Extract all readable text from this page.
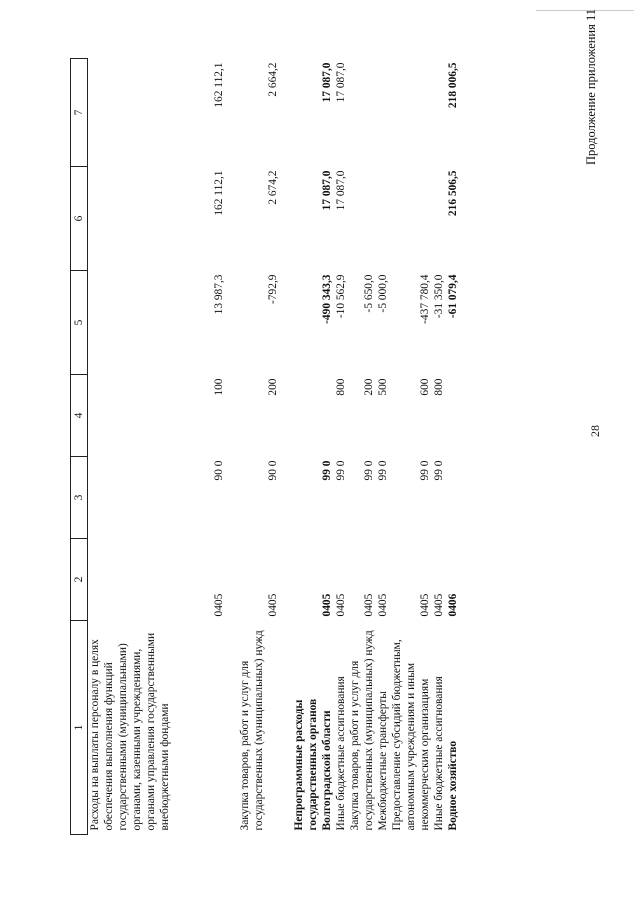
28
Продолжение приложения 11
1	2	3	4	5	6	7
Расходы на выплаты персоналу в целях обеспечения выполнения функций государственными (муниципальными) органами, казенными учреждениями, органами управления государственными внебюджетными фондами	0405	90 0	100	13 987,3	162 112,1	162 112,1
Закупка товаров, работ и услуг для государственных (муниципальных) нужд	0405	90 0	200	-792,9	2 674,2	2 664,2
Непрограммные расходы государственных органов Волгоградской области	0405	99 0		-490 343,3	17 087,0	17 087,0
Иные бюджетные ассигнования	0405	99 0	800	-10 562,9	17 087,0	17 087,0
Закупка товаров, работ и услуг для государственных (муниципальных) нужд	0405	99 0	200	-5 650,0		
Межбюджетные трансферты	0405	99 0	500	-5 000,0		
Предоставление субсидий бюджетным, автономным учреждениям и иным некоммерческим организациям	0405	99 0	600	-437 780,4		
Иные бюджетные ассигнования	0405	99 0	800	-31 350,0		
Водное хозяйство	0406			-61 079,4	216 506,5	218 006,5
